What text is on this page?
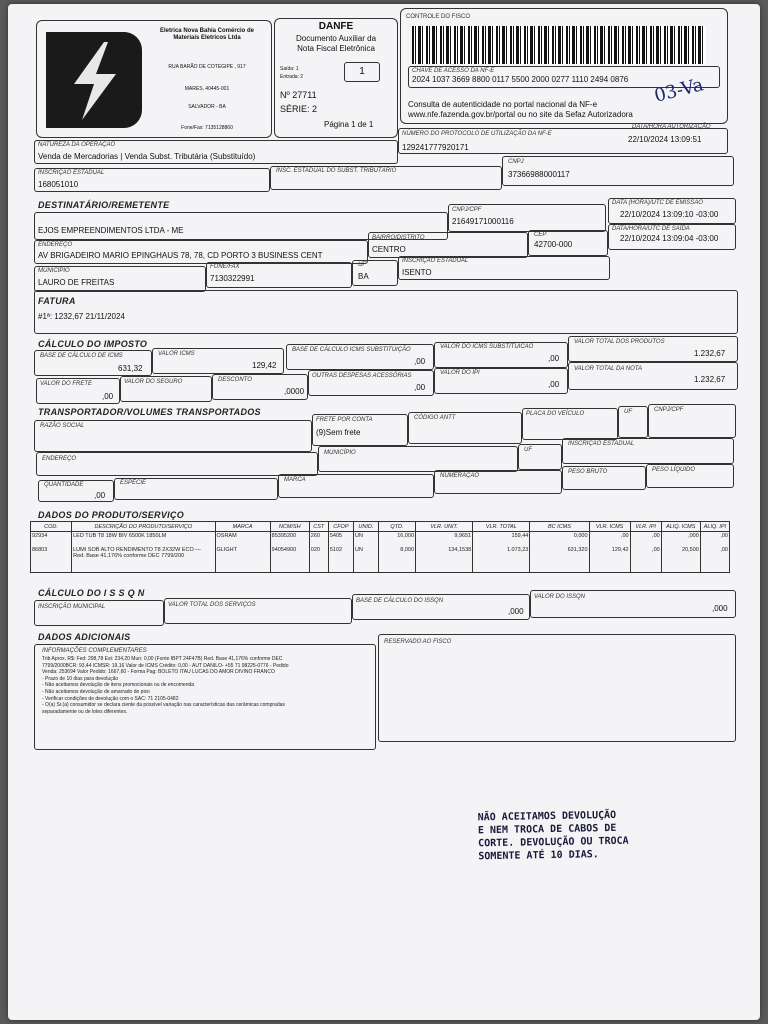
Eletrica Nova Bahia Comércio de Materiais Eletricos Ltda
RUA BARÃO DE COTEGIPE , 917
MARES, 40445-001
SALVADOR - BA
Fone/Fax: 7135128860
DANFE
Documento Auxiliar da
Nota Fiscal Eletrônica
Saída: 1
Entrada: 2	1
Nº 27711
SÉRIE: 2
Página 1 de 1
CONTROLE DO FISCO
CHAVE DE ACESSO DA NF-E
2024 1037 3669 8800 0117 5500 2000 0277 1110 2494 0876
Consulta de autenticidade no portal nacional da NF-e
www.nfe.fazenda.gov.br/portal ou no site da Sefaz Autorizadora
03-Va
NATUREZA DA OPERAÇÃO
Venda de Mercadorias | Venda Subst. Tributária (Substituído)
NÚMERO DO PROTOCOLO DE UTILIZAÇÃO DA NF-E
129241777920171
DATA/HORA AUTORIZAÇÃO
22/10/2024 13:09:51
INSCRIÇÃO ESTADUAL
168051010
INSC. ESTADUAL DO SUBST. TRIBUTÁRIO
CNPJ
37366988000117
DESTINATÁRIO/REMETENTE
EJOS EMPREENDIMENTOS LTDA - ME
CNPJ/CPF
21649171000116
DATA (HORA)/UTC DE EMISSÃO
22/10/2024 13:09:10 -03:00
ENDEREÇO
AV BRIGADEIRO MARIO EPINGHAUS 78, 78, CD PORTO 3 BUSINESS CENT
BAIRRO/DISTRITO
CENTRO
CEP
42700-000
DATA/HORA/UTC DE SAÍDA
22/10/2024 13:09:04 -03:00
MUNICÍPIO
LAURO DE FREITAS
FONE/FAX
7130322991
UF
BA
INSCRIÇÃO ESTADUAL
ISENTO
FATURA
#1ª: 1232,67 21/11/2024
CÁLCULO DO IMPOSTO
BASE DE CÁLCULO DE ICMS
631,32
VALOR ICMS
129,42
BASE DE CÁLCULO ICMS SUBSTITUIÇÃO
,00
VALOR DO ICMS SUBSTITUICAO
,00
VALOR TOTAL DOS PRODUTOS
1.232,67
VALOR DO FRETE
,00
VALOR DO SEGURO	DESCONTO
,0000
OUTRAS DESPESAS ACESSÓRIAS
,00
VALOR DO IPI
,00
VALOR TOTAL DA NOTA
1.232,67
TRANSPORTADOR/VOLUMES TRANSPORTADOS
RAZÃO SOCIAL
FRETE POR CONTA
(9)Sem frete
CÓDIGO ANTT
PLACA DO VEÍCULO	UF	CNPJ/CPF
ENDEREÇO
MUNICÍPIO	UF
INSCRIÇÃO ESTADUAL
QUANTIDADE
,00
ESPÉCIE	MARCA
NUMERAÇÃO
PESO BRUTO	PESO LÍQUIDO
DADOS DO PRODUTO/SERVIÇO
COD.	DESCRIÇÃO DO PRODUTO/SERVIÇO	MARCA	NCM/SH	CST	CFOP	UNID.	QTD.	VLR. UNIT.	VLR. TOTAL	BC ICMS	VLR. ICMS	VLR. IPI	ALIQ. ICMS	ALIQ. IPI
92934	LED TUB T8 18W BIV 6500K 1850LM	OSRAM	85395200	260	5405	UN	16,000	9,9651	159,44	0,000	,00	,00	,000	,00
86803	LUMI SOB ALTO RENDIMENTO T8 2X32W ECO — Red. Base 41,176% conforme DEC 7799/200	GLIGHT	94054900	020	5102	UN	8,000	134,1538	1.073,23	631,320	129,42	,00	20,500	,00
CÁLCULO DO I S S Q N
INSCRIÇÃO MUNICIPAL	VALOR TOTAL DOS SERVIÇOS
BASE DE CÁLCULO DO ISSQN
,000
VALOR DO ISSQN
,000
DADOS ADICIONAIS
INFORMAÇÕES COMPLEMENTARES
Trib Aprox. R$: Fed: 298,78 Est: 234,20 Mun: 0,00 (Fonte IBPT 24F47B) Red. Base 41,176% conforme DEC
7799/2000BCR: 93,44 ICMSR: 19,16 Valor de ICMS Crédito: 0,00 - AUT DANILO- +55 71 98225-0776 - Pedido
Venda: 253694 Valor Pedido: 1667,60 - Forma Pag: BOLETO ITAU LUCAS DO AMOR DIVINO FRANCO
- Prazo de 10 dias para devolução
- Não aceitamos devolução de itens promocionais ou de encomenda
- Não aceitamos devolução de amarrado de piso
- Verificar condições de devolução com o SAC: 71 2105-0482
- O(a) Sr.(a) consumidor se declara ciente da possível variação nas características das cerâmicas compradas
separadamente ou de lotes diferentes.
RESERVADO AO FISCO
NÃO ACEITAMOS DEVOLUÇÃO
E NEM TROCA DE CABOS DE
CORTE. DEVOLUÇÃO OU TROCA
SOMENTE ATÉ 10 DIAS.
